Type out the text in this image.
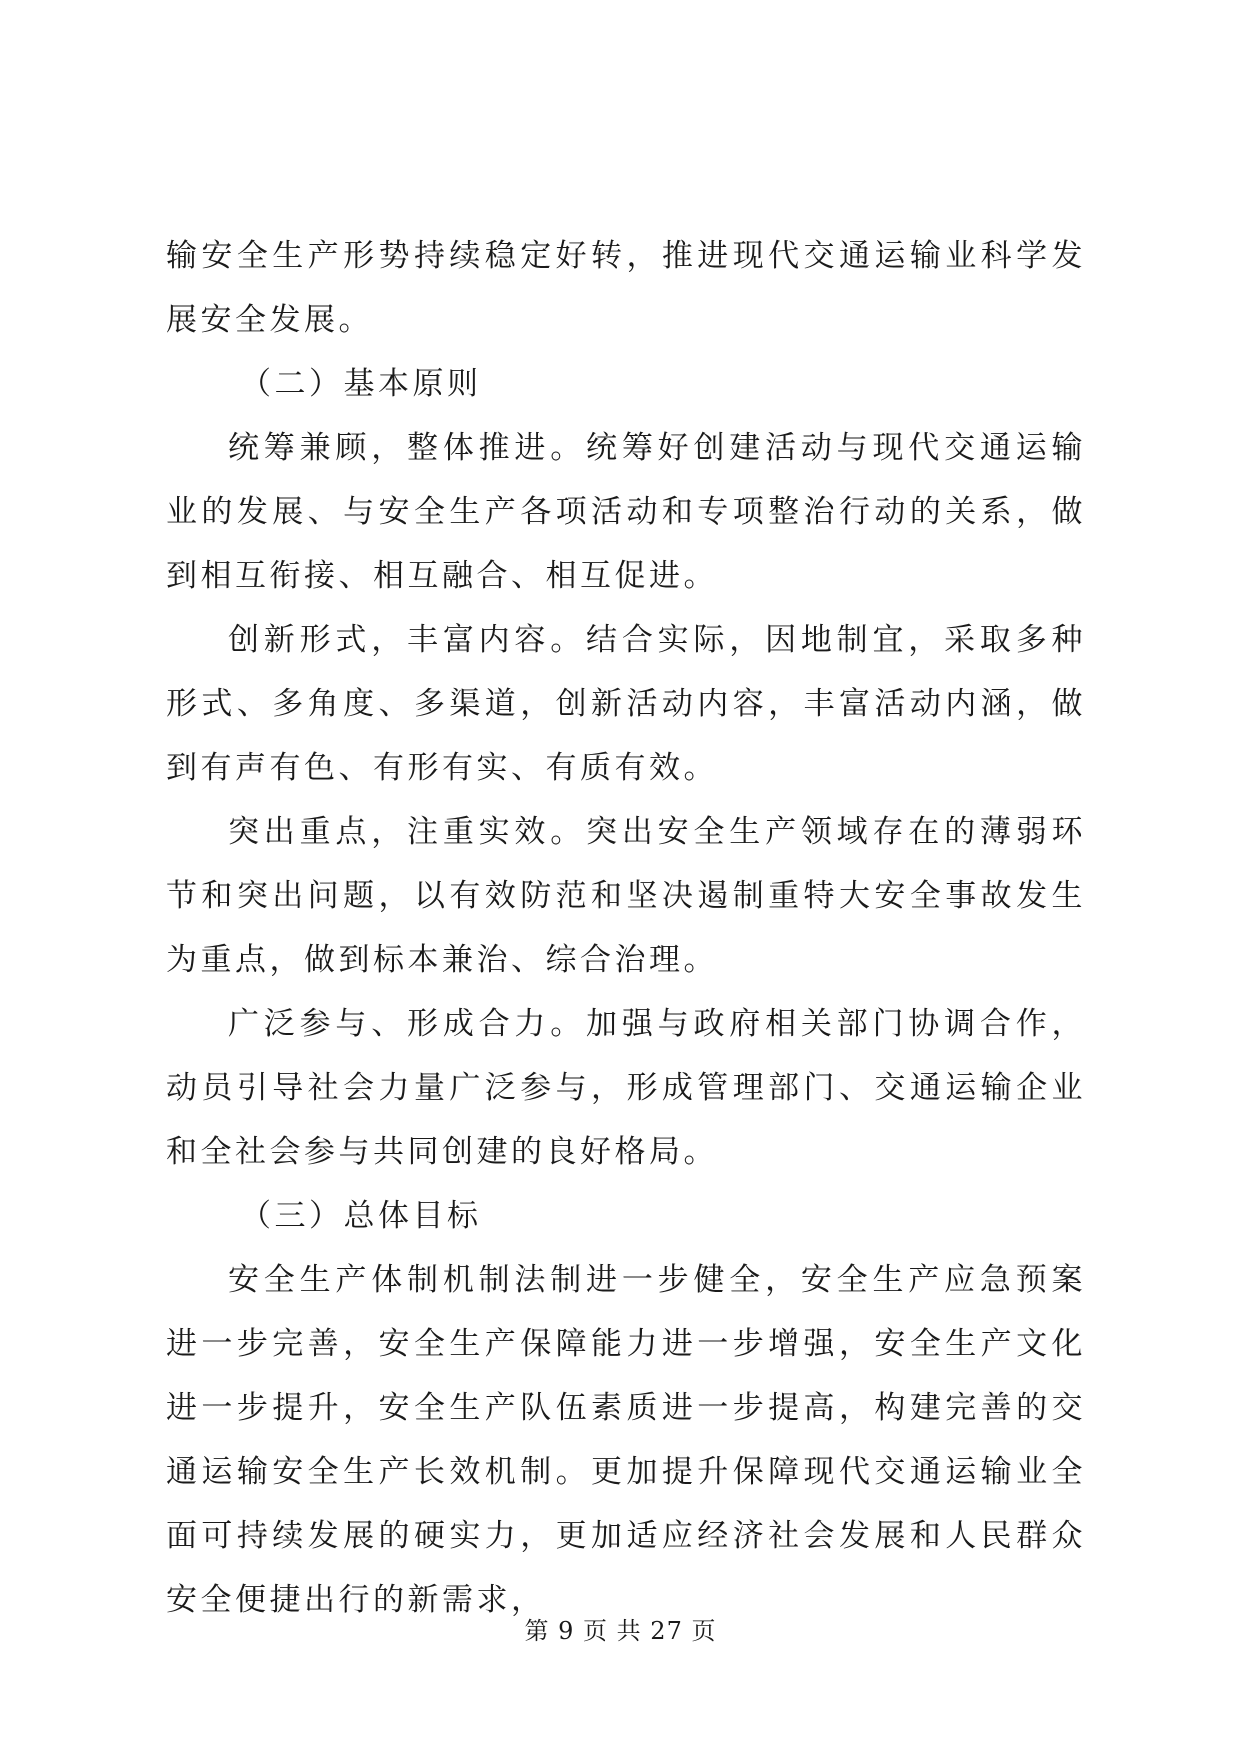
输安全生产形势持续稳定好转，推进现代交通运输业科学发展安全发展。

（二）基本原则

统筹兼顾，整体推进。统筹好创建活动与现代交通运输业的发展、与安全生产各项活动和专项整治行动的关系，做到相互衔接、相互融合、相互促进。

创新形式，丰富内容。结合实际，因地制宜，采取多种形式、多角度、多渠道，创新活动内容，丰富活动内涵，做到有声有色、有形有实、有质有效。

突出重点，注重实效。突出安全生产领域存在的薄弱环节和突出问题，以有效防范和坚决遏制重特大安全事故发生为重点，做到标本兼治、综合治理。

广泛参与、形成合力。加强与政府相关部门协调合作，动员引导社会力量广泛参与，形成管理部门、交通运输企业和全社会参与共同创建的良好格局。

（三）总体目标

安全生产体制机制法制进一步健全，安全生产应急预案进一步完善，安全生产保障能力进一步增强，安全生产文化进一步提升，安全生产队伍素质进一步提高，构建完善的交通运输安全生产长效机制。更加提升保障现代交通运输业全面可持续发展的硬实力，更加适应经济社会发展和人民群众安全便捷出行的新需求，

第 9 页 共 27 页
